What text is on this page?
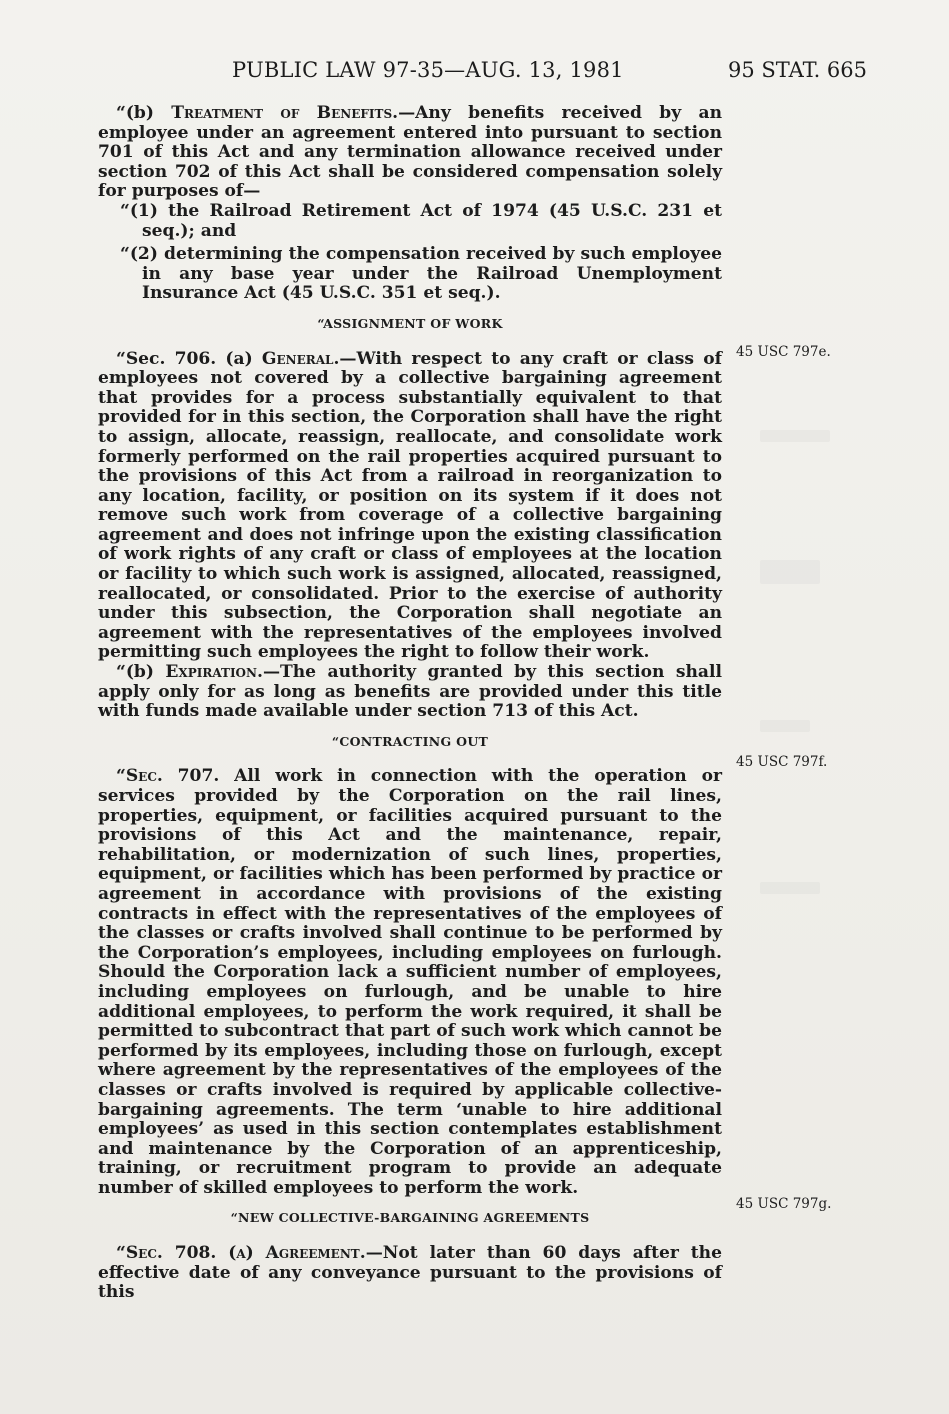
PUBLIC LAW 97-35—AUG. 13, 1981	95 STAT. 665

“(b) Treatment of Benefits.—Any benefits received by an employee under an agreement entered into pursuant to section 701 of this Act and any termination allowance received under section 702 of this Act shall be considered compensation solely for purposes of—

“(1) the Railroad Retirement Act of 1974 (45 U.S.C. 231 et seq.); and

“(2) determining the compensation received by such employee in any base year under the Railroad Unemployment Insurance Act (45 U.S.C. 351 et seq.).

“ASSIGNMENT OF WORK

“Sec. 706. (a) General.—With respect to any craft or class of employees not covered by a collective bargaining agreement that provides for a process substantially equivalent to that provided for in this section, the Corporation shall have the right to assign, allocate, reassign, reallocate, and consolidate work formerly performed on the rail properties acquired pursuant to the provisions of this Act from a railroad in reorganization to any location, facility, or position on its system if it does not remove such work from coverage of a collective bargaining agreement and does not infringe upon the existing classification of work rights of any craft or class of employees at the location or facility to which such work is assigned, allocated, reassigned, reallocated, or consolidated. Prior to the exercise of authority under this subsection, the Corporation shall negotiate an agreement with the representatives of the employees involved permitting such employees the right to follow their work.

“(b) Expiration.—The authority granted by this section shall apply only for as long as benefits are provided under this title with funds made available under section 713 of this Act.

“CONTRACTING OUT

“Sec. 707. All work in connection with the operation or services provided by the Corporation on the rail lines, properties, equipment, or facilities acquired pursuant to the provisions of this Act and the maintenance, repair, rehabilitation, or modernization of such lines, properties, equipment, or facilities which has been performed by practice or agreement in accordance with provisions of the existing contracts in effect with the representatives of the employees of the classes or crafts involved shall continue to be performed by the Corporation’s employees, including employees on furlough. Should the Corporation lack a sufficient number of employees, including employees on furlough, and be unable to hire additional employees, to perform the work required, it shall be permitted to subcontract that part of such work which cannot be performed by its employees, including those on furlough, except where agreement by the representatives of the employees of the classes or crafts involved is required by applicable collective-bargaining agreements. The term ‘unable to hire additional employees’ as used in this section contemplates establishment and maintenance by the Corporation of an apprenticeship, training, or recruitment program to provide an adequate number of skilled employees to perform the work.

“NEW COLLECTIVE-BARGAINING AGREEMENTS

“Sec. 708. (a) Agreement.—Not later than 60 days after the effective date of any conveyance pursuant to the provisions of this

45 USC 797e.
45 USC 797f.
45 USC 797g.
